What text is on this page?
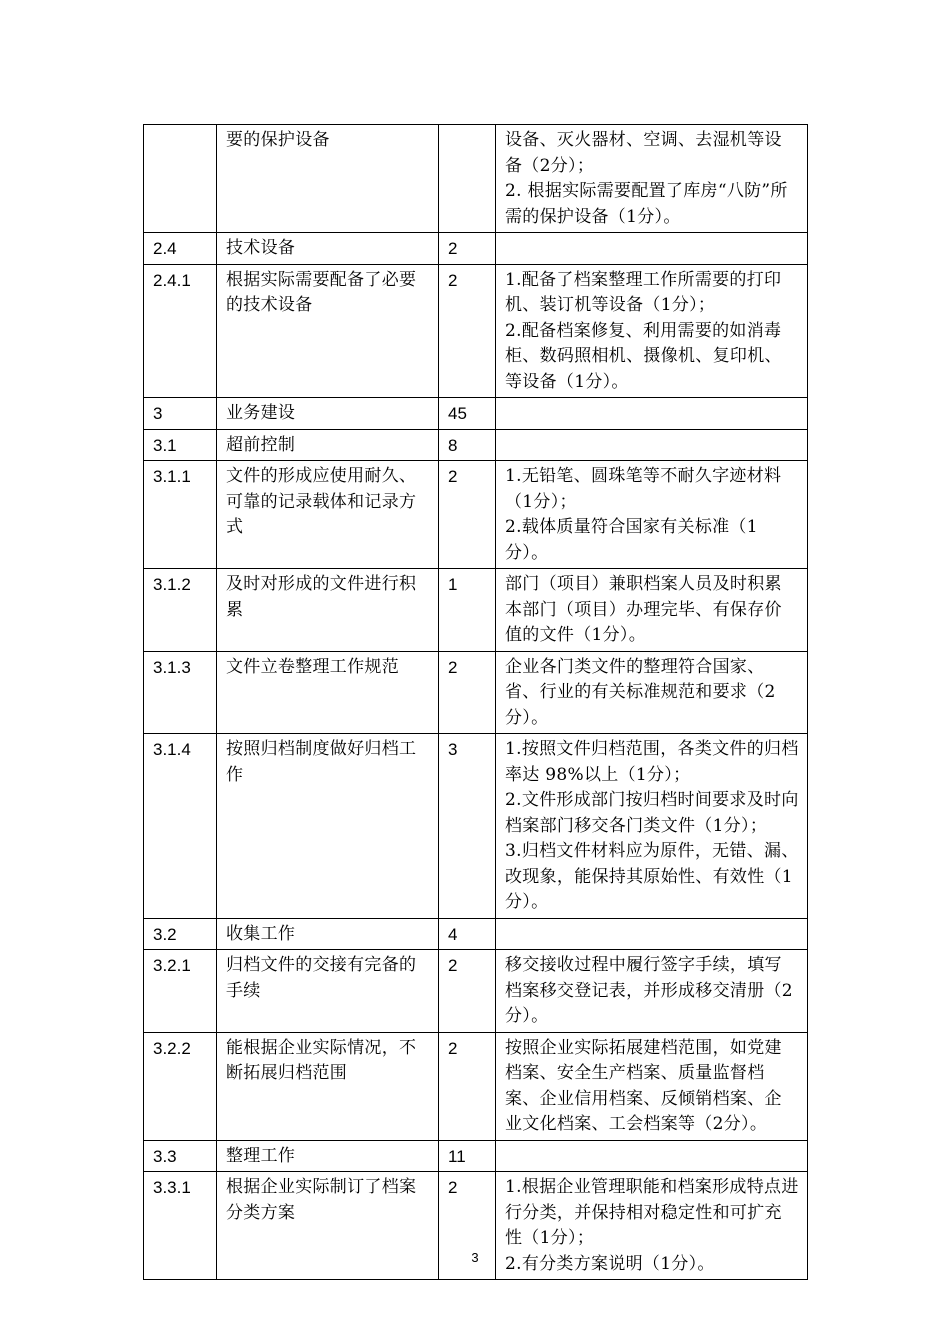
	要的保护设备		设备、灭火器材、空调、去湿机等设备（2分）；
2. 根据实际需要配置了库房“八防”所需的保护设备（1分）。

2.4	技术设备	2	
2.4.1	根据实际需要配备了必要的技术设备	2	1.配备了档案整理工作所需要的打印机、装订机等设备（1分）；
2.配备档案修复、利用需要的如消毒柜、数码照相机、摄像机、复印机、等设备（1分）。

3	业务建设	45	
3.1	超前控制	8	
3.1.1	文件的形成应使用耐久、可靠的记录载体和记录方式	2	1.无铅笔、圆珠笔等不耐久字迹材料（1分）；
2.载体质量符合国家有关标准（1分）。

3.1.2	及时对形成的文件进行积累	1	部门（项目）兼职档案人员及时积累本部门（项目）办理完毕、有保存价值的文件（1分）。

3.1.3	文件立卷整理工作规范	2	企业各门类文件的整理符合国家、省、行业的有关标准规范和要求（2分）。

3.1.4	按照归档制度做好归档工作	3	1.按照文件归档范围，各类文件的归档率达 98%以上（1分）；
2.文件形成部门按归档时间要求及时向档案部门移交各门类文件（1分）；
3.归档文件材料应为原件，无错、漏、改现象，能保持其原始性、有效性（1分）。

3.2	收集工作	4	
3.2.1	归档文件的交接有完备的手续	2	移交接收过程中履行签字手续，填写档案移交登记表，并形成移交清册（2分）。

3.2.2	能根据企业实际情况，不断拓展归档范围	2	按照企业实际拓展建档范围，如党建档案、安全生产档案、质量监督档案、企业信用档案、反倾销档案、企业文化档案、工会档案等（2分）。

3.3	整理工作	11	
3.3.1	根据企业实际制订了档案分类方案	2	1.根据企业管理职能和档案形成特点进行分类，并保持相对稳定性和可扩充性（1分）；
2.有分类方案说明（1分）。
3
